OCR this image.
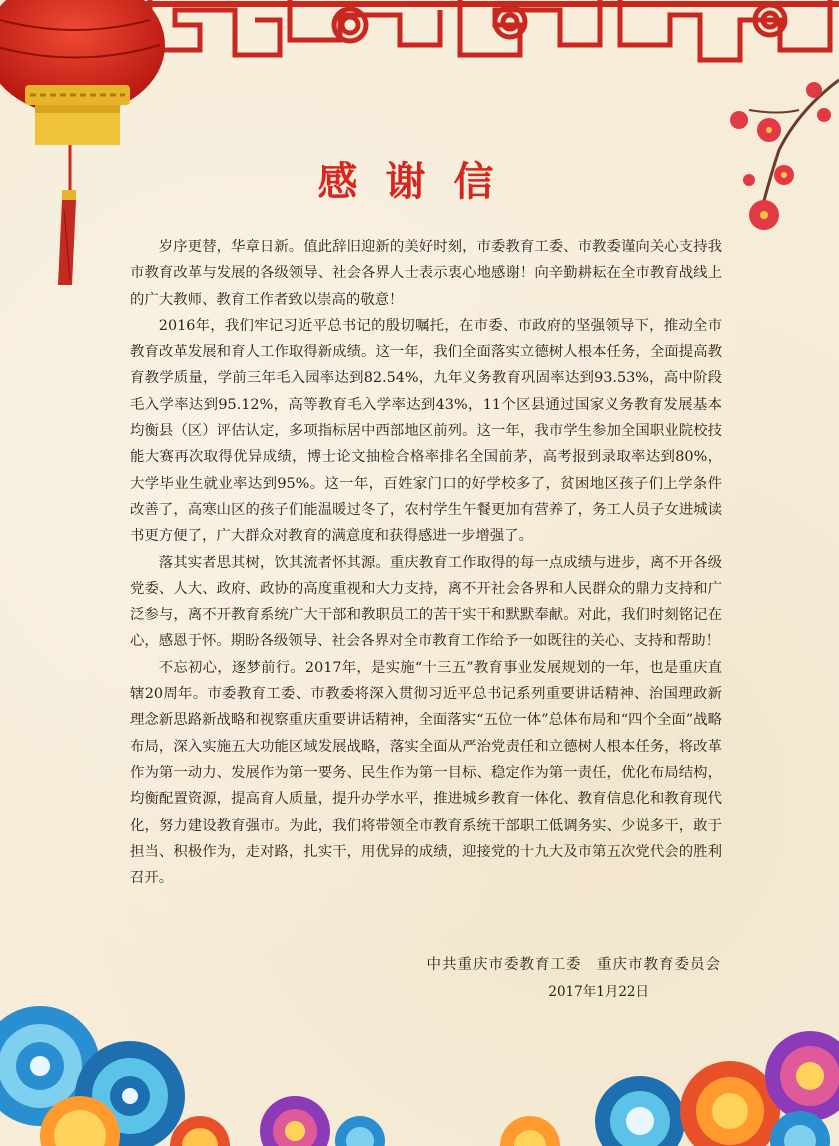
感谢信

岁序更替，华章日新。值此辞旧迎新的美好时刻，市委教育工委、市教委谨向关心支持我市教育改革与发展的各级领导、社会各界人士表示衷心地感谢！向辛勤耕耘在全市教育战线上的广大教师、教育工作者致以崇高的敬意！

2016年，我们牢记习近平总书记的殷切嘱托，在市委、市政府的坚强领导下，推动全市教育改革发展和育人工作取得新成绩。这一年，我们全面落实立德树人根本任务，全面提高教育教学质量，学前三年毛入园率达到82.54%，九年义务教育巩固率达到93.53%，高中阶段毛入学率达到95.12%，高等教育毛入学率达到43%，11个区县通过国家义务教育发展基本均衡县（区）评估认定，多项指标居中西部地区前列。这一年，我市学生参加全国职业院校技能大赛再次取得优异成绩，博士论文抽检合格率排名全国前茅，高考报到录取率达到80%，大学毕业生就业率达到95%。这一年，百姓家门口的好学校多了，贫困地区孩子们上学条件改善了，高寒山区的孩子们能温暖过冬了，农村学生午餐更加有营养了，务工人员子女进城读书更方便了，广大群众对教育的满意度和获得感进一步增强了。

落其实者思其树，饮其流者怀其源。重庆教育工作取得的每一点成绩与进步，离不开各级党委、人大、政府、政协的高度重视和大力支持，离不开社会各界和人民群众的鼎力支持和广泛参与，离不开教育系统广大干部和教职员工的苦干实干和默默奉献。对此，我们时刻铭记在心，感恩于怀。期盼各级领导、社会各界对全市教育工作给予一如既往的关心、支持和帮助！

不忘初心，逐梦前行。2017年，是实施“十三五”教育事业发展规划的一年，也是重庆直辖20周年。市委教育工委、市教委将深入贯彻习近平总书记系列重要讲话精神、治国理政新理念新思路新战略和视察重庆重要讲话精神，全面落实“五位一体”总体布局和“四个全面”战略布局，深入实施五大功能区域发展战略，落实全面从严治党责任和立德树人根本任务，将改革作为第一动力、发展作为第一要务、民生作为第一目标、稳定作为第一责任，优化布局结构，均衡配置资源，提高育人质量，提升办学水平，推进城乡教育一体化、教育信息化和教育现代化，努力建设教育强市。为此，我们将带领全市教育系统干部职工低调务实、少说多干，敢于担当、积极作为，走对路，扎实干，用优异的成绩，迎接党的十九大及市第五次党代会的胜利召开。

中共重庆市委教育工委　重庆市教育委员会
2017年1月22日
